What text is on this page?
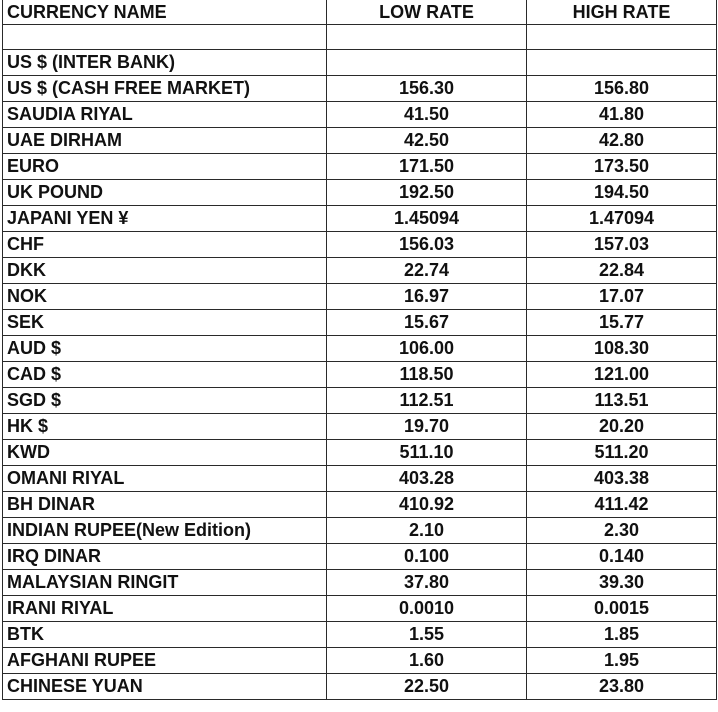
CURRENCY NAME	LOW RATE	HIGH RATE

US $ (INTER BANK)		
US $ (CASH FREE MARKET)	156.30	156.80
SAUDIA RIYAL	41.50	41.80
UAE DIRHAM	42.50	42.80
EURO	171.50	173.50
UK POUND	192.50	194.50
JAPANI YEN ¥	1.45094	1.47094
CHF	156.03	157.03
DKK	22.74	22.84
NOK	16.97	17.07
SEK	15.67	15.77
AUD $	106.00	108.30
CAD $	118.50	121.00
SGD $	112.51	113.51
HK $	19.70	20.20
KWD	511.10	511.20
OMANI RIYAL	403.28	403.38
BH DINAR	410.92	411.42
INDIAN RUPEE(New Edition)	2.10	2.30
IRQ DINAR	0.100	0.140
MALAYSIAN RINGIT	37.80	39.30
IRANI RIYAL	0.0010	0.0015
BTK	1.55	1.85
AFGHANI RUPEE	1.60	1.95
CHINESE YUAN	22.50	23.80
